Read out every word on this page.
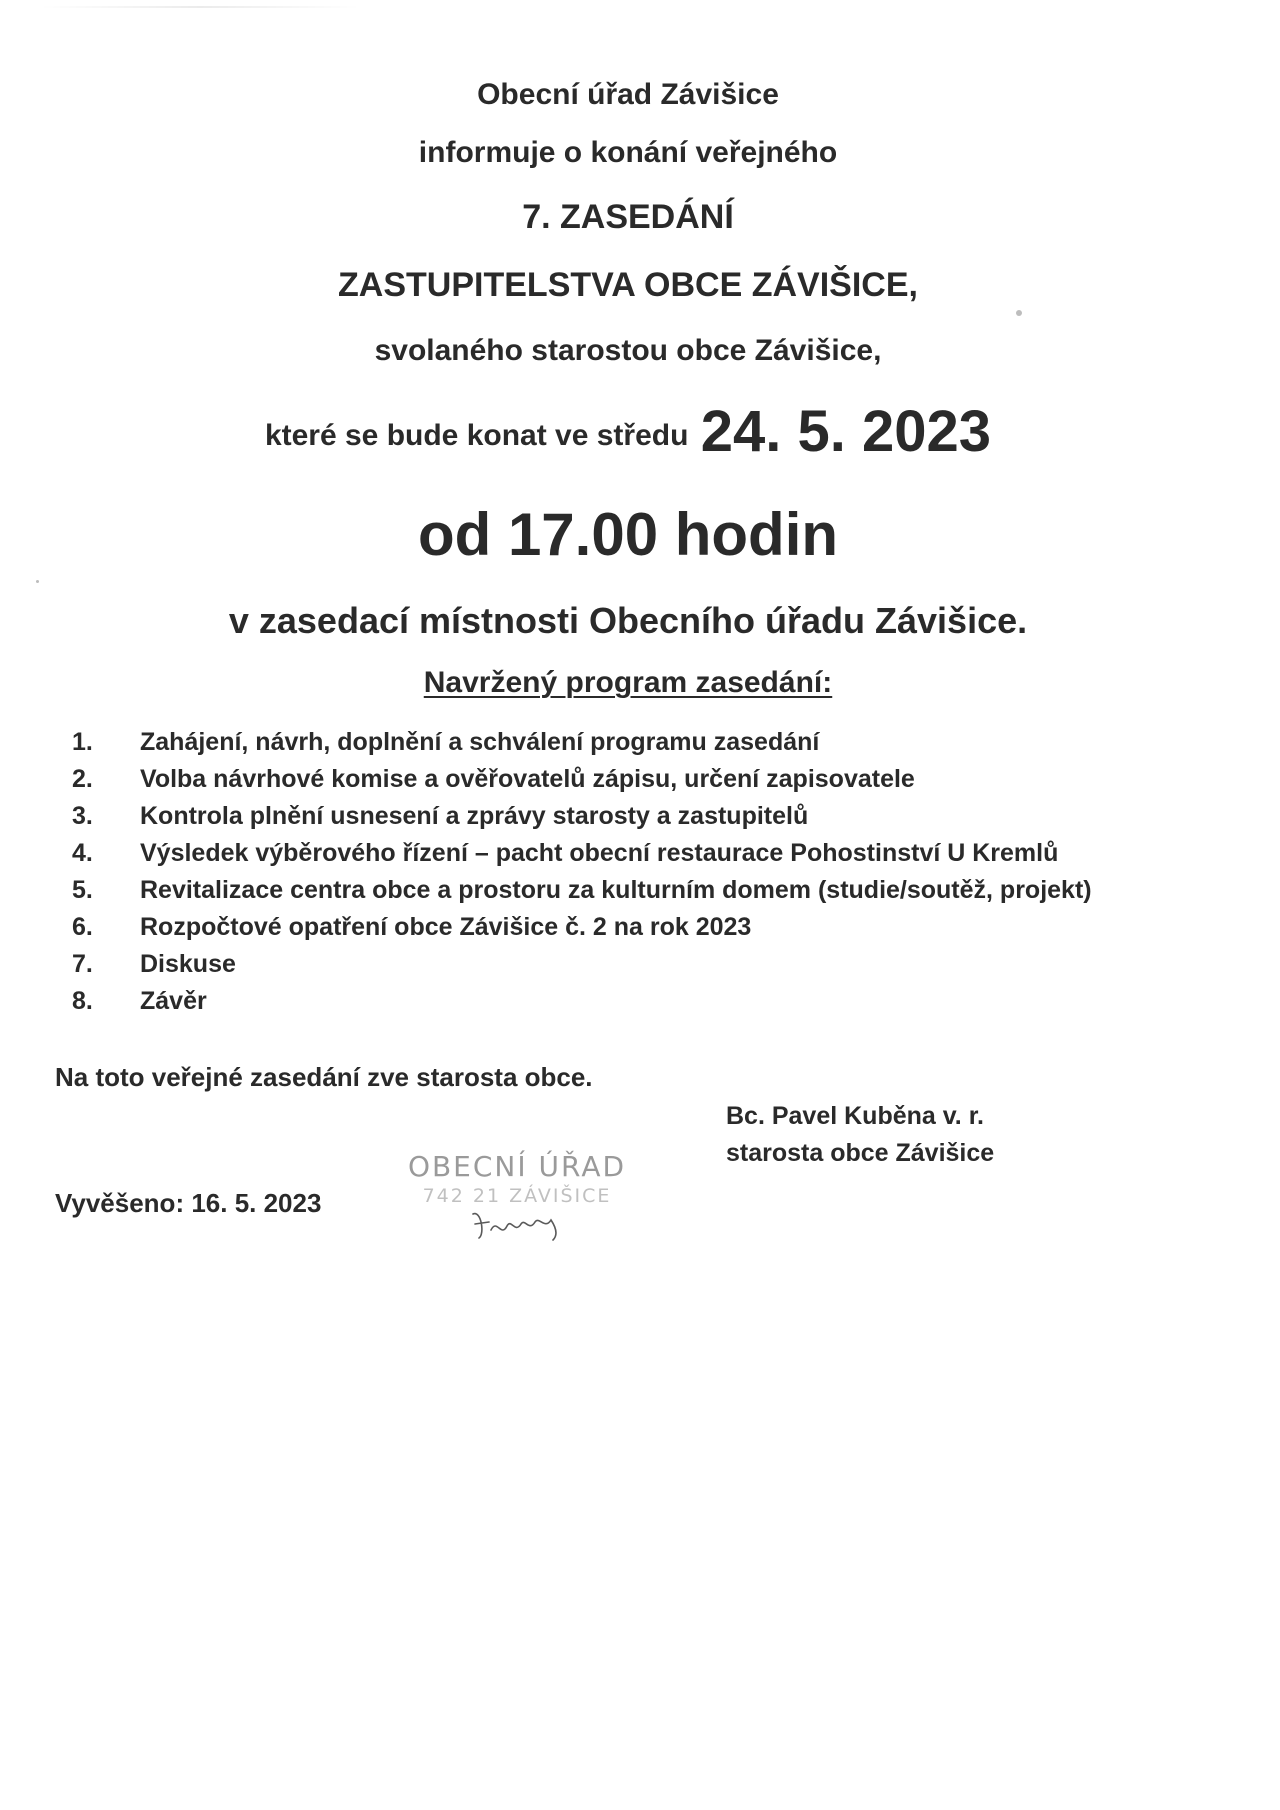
Obecní úřad Závišice
informuje o konání veřejného
7. ZASEDÁNÍ
ZASTUPITELSTVA OBCE ZÁVIŠICE,
svolaného starostou obce Závišice,
které se bude konat ve středu 24. 5. 2023
od 17.00 hodin
v zasedací místnosti Obecního úřadu Závišice.
Navržený program zasedání:
1. Zahájení, návrh, doplnění a schválení programu zasedání
2. Volba návrhové komise a ověřovatelů zápisu, určení zapisovatele
3. Kontrola plnění usnesení a zprávy starosty a zastupitelů
4. Výsledek výběrového řízení – pacht obecní restaurace Pohostinství U Kremlů
5. Revitalizace centra obce a prostoru za kulturním domem (studie/soutěž, projekt)
6. Rozpočtové opatření obce Závišice č. 2 na rok 2023
7. Diskuse
8. Závěr
Na toto veřejné zasedání zve starosta obce.
Bc. Pavel Kuběna v. r.
starosta obce Závišice
OBECNÍ ÚŘAD
742 21 ZÁVIŠICE
Vyvěšeno: 16. 5. 2023
